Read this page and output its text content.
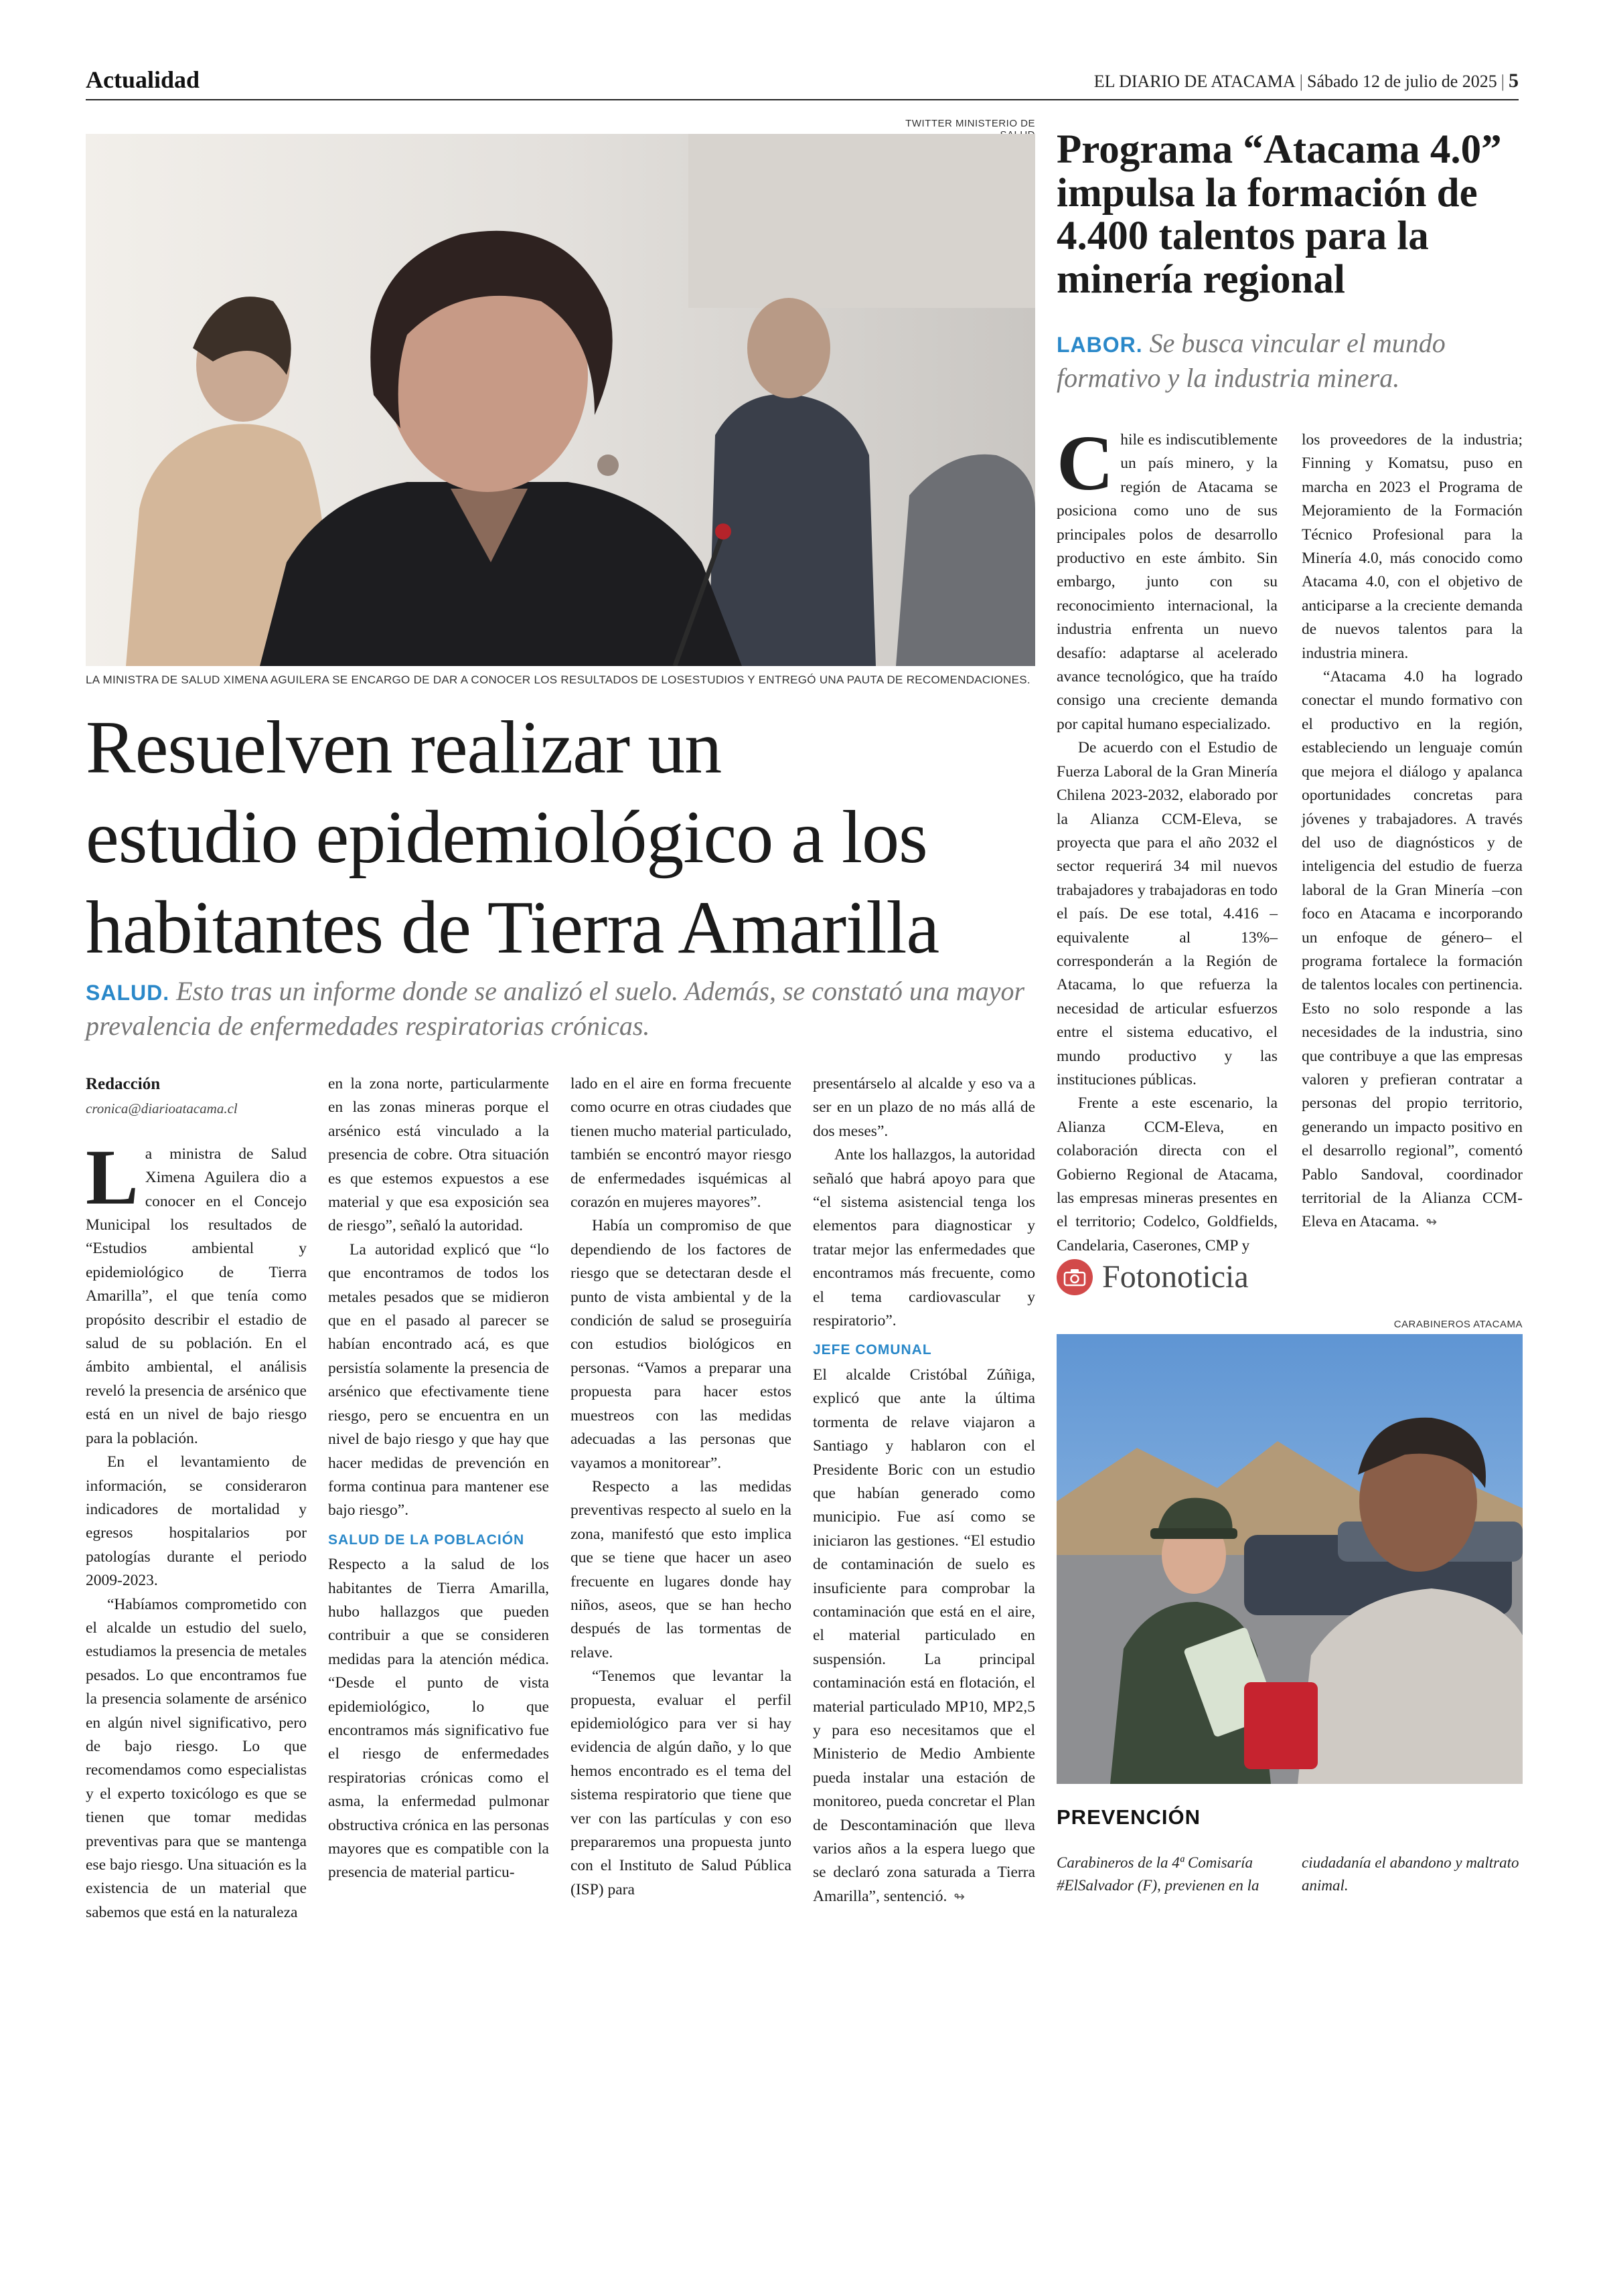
Actualidad	EL DIARIO DE ATACAMA | Sábado 12 de julio de 2025 | 5
TWITTER MINISTERIO DE
LA MINISTRA DE SALUD XIMENA AGUILERA SE ENCARGO DE DAR A CONOCER LOS RESULTADOS DE LOSESTUDIOS Y ENTREGÓ UNA PAUTA DE RECOMENDACIONES.
Resuelven realizar un
estudio epidemiológico a los
habitantes de Tierra Amarilla
SALUD. Esto tras un informe donde se analizó el suelo. Además, se constató una mayor prevalencia de enfermedades respiratorias crónicas.
Redacción
cronica@diarioatacama.cl

La ministra de Salud Ximena Aguilera dio a conocer en el Concejo Municipal los resultados de “Estudios ambiental y epidemiológico de Tierra Amarilla”, el que tenía como propósito describir el estadio de salud de su población. En el ámbito ambiental, el análisis reveló la presencia de arsénico que está en un nivel de bajo riesgo para la población.

En el levantamiento de información, se consideraron indicadores de mortalidad y egresos hospitalarios por patologías durante el periodo 2009-2023.

“Habíamos comprometido con el alcalde un estudio del suelo, estudiamos la presencia de metales pesados. Lo que encontramos fue la presencia solamente de arsénico en algún nivel significativo, pero de bajo riesgo. Lo que recomendamos como especialistas y el experto toxicólogo es que se tienen que tomar medidas preventivas para que se mantenga ese bajo riesgo. Una situación es la existencia de un material que sabemos que está en la naturaleza

en la zona norte, particularmente en las zonas mineras porque el arsénico está vinculado a la presencia de cobre. Otra situación es que estemos expuestos a ese material y que esa exposición sea de riesgo”, señaló la autoridad.

La autoridad explicó que “lo que encontramos de todos los metales pesados que se midieron que en el pasado al parecer se habían encontrado acá, es que persistía solamente la presencia de arsénico que efectivamente tiene riesgo, pero se encuentra en un nivel de bajo riesgo y que hay que hacer medidas de prevención en forma continua para mantener ese bajo riesgo”.

SALUD DE LA POBLACIÓN

Respecto a la salud de los habitantes de Tierra Amarilla, hubo hallazgos que pueden contribuir a que se consideren medidas para la atención médica. “Desde el punto de vista epidemiológico, lo que encontramos más significativo fue el riesgo de enfermedades respiratorias crónicas como el asma, la enfermedad pulmonar obstructiva crónica en las personas mayores que es compatible con la presencia de material particu-

lado en el aire en forma frecuente como ocurre en otras ciudades que tienen mucho material particulado, también se encontró mayor riesgo de enfermedades isquémicas al corazón en mujeres mayores”.

Había un compromiso de que dependiendo de los factores de riesgo que se detectaran desde el punto de vista ambiental y de la condición de salud se proseguiría con estudios biológicos en personas. “Vamos a preparar una propuesta para hacer estos muestreos con las medidas adecuadas a las personas que vayamos a monitorear”.

Respecto a las medidas preventivas respecto al suelo en la zona, manifestó que esto implica que se tiene que hacer un aseo frecuente en lugares donde hay niños, aseos, que se han hecho después de las tormentas de relave.

“Tenemos que levantar la propuesta, evaluar el perfil epidemiológico para ver si hay evidencia de algún daño, y lo que hemos encontrado es el tema del sistema respiratorio que tiene que ver con las partículas y con eso prepararemos una propuesta junto con el Instituto de Salud Pública (ISP) para

presentárselo al alcalde y eso va a ser en un plazo de no más allá de dos meses”.

Ante los hallazgos, la autoridad señaló que habrá apoyo para que “el sistema asistencial tenga los elementos para diagnosticar y tratar mejor las enfermedades que encontramos más frecuente, como el tema cardiovascular y respiratorio”.

JEFE COMUNAL

El alcalde Cristóbal Zúñiga, explicó que ante la última tormenta de relave viajaron a Santiago y hablaron con el Presidente Boric con un estudio que habían generado como municipio. Fue así como se iniciaron las gestiones. “El estudio de contaminación de suelo es insuficiente para comprobar la contaminación que está en el aire, el material particulado en suspensión. La principal contaminación está en flotación, el material particulado MP10, MP2,5 y para eso necesitamos que el Ministerio de Medio Ambiente pueda instalar una estación de monitoreo, pueda concretar el Plan de Descontaminación que lleva varios años a la espera luego que se declaró zona saturada a Tierra Amarilla”, sentenció. ↬

Programa “Atacama 4.0”
impulsa la formación de
4.400 talentos para la
minería regional
LABOR. Se busca vincular el mundo formativo y la industria minera.

Chile es indiscutiblemente un país minero, y la región de Atacama se posiciona como uno de sus principales polos de desarrollo productivo en este ámbito. Sin embargo, junto con su reconocimiento internacional, la industria enfrenta un nuevo desafío: adaptarse al acelerado avance tecnológico, que ha traído consigo una creciente demanda por capital humano especializado.

De acuerdo con el Estudio de Fuerza Laboral de la Gran Minería Chilena 2023-2032, elaborado por la Alianza CCM-Eleva, se proyecta que para el año 2032 el sector requerirá 34 mil nuevos trabajadores y trabajadoras en todo el país. De ese total, 4.416 –equivalente al 13%– corresponderán a la Región de Atacama, lo que refuerza la necesidad de articular esfuerzos entre el sistema educativo, el mundo productivo y las instituciones públicas.

Frente a este escenario, la Alianza CCM-Eleva, en colaboración directa con el Gobierno Regional de Atacama, las empresas mineras presentes en el territorio; Codelco, Goldfields, Candelaria, Caserones, CMP y

los proveedores de la industria; Finning y Komatsu, puso en marcha en 2023 el Programa de Mejoramiento de la Formación Técnico Profesional para la Minería 4.0, más conocido como Atacama 4.0, con el objetivo de anticiparse a la creciente demanda de nuevos talentos para la industria minera.

“Atacama 4.0 ha logrado conectar el mundo formativo con el productivo en la región, estableciendo un lenguaje común que mejora el diálogo y apalanca oportunidades concretas para jóvenes y trabajadores. A través del uso de diagnósticos y de inteligencia del estudio de fuerza laboral de la Gran Minería –con foco en Atacama e incorporando un enfoque de género– el programa fortalece la formación de talentos locales con pertinencia. Esto no solo responde a las necesidades de la industria, sino que contribuye a que las empresas valoren y prefieran contratar a personas del propio territorio, generando un impacto positivo en el desarrollo regional”, comentó Pablo Sandoval, coordinador territorial de la Alianza CCM-Eleva en Atacama. ↬

Fotonoticia
CARABINEROS ATACAMA
PREVENCIÓN
Carabineros de la 4ª Comisaría #ElSalvador (F), previenen en la
ciudadanía el abandono y maltrato animal.
